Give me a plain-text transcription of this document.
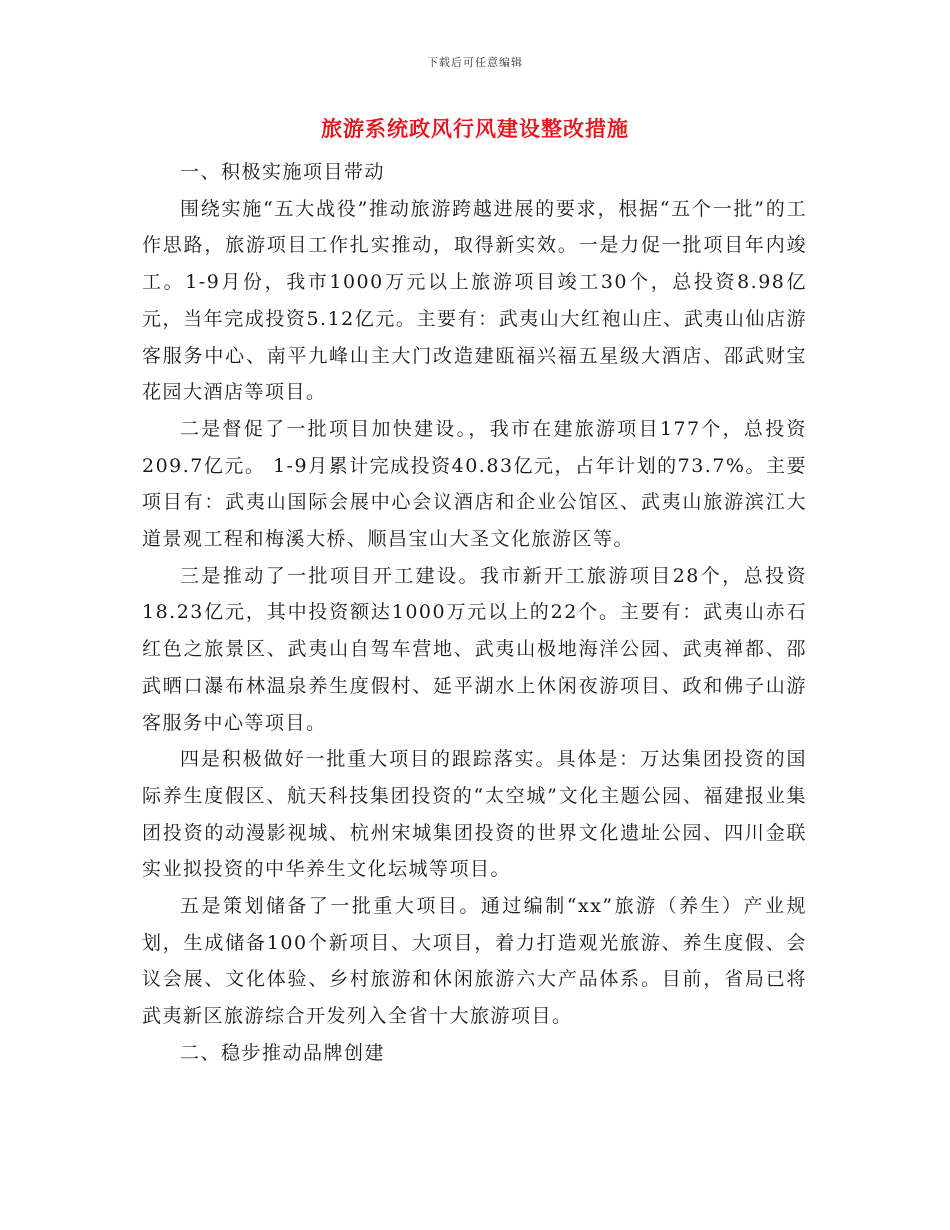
下载后可任意编辑
旅游系统政风行风建设整改措施

一、积极实施项目带动

围绕实施“五大战役”推动旅游跨越进展的要求，根据“五个一批”的工作思路，旅游项目工作扎实推动，取得新实效。一是力促一批项目年内竣工。1-9月份，我市1000万元以上旅游项目竣工30个，总投资8.98亿元，当年完成投资5.12亿元。主要有：武夷山大红袍山庄、武夷山仙店游客服务中心、南平九峰山主大门改造建瓯福兴福五星级大酒店、邵武财宝花园大酒店等项目。

二是督促了一批项目加快建设。，我市在建旅游项目177个，总投资209.7亿元。 1-9月累计完成投资40.83亿元，占年计划的73.7%。主要项目有：武夷山国际会展中心会议酒店和企业公馆区、武夷山旅游滨江大道景观工程和梅溪大桥、顺昌宝山大圣文化旅游区等。

三是推动了一批项目开工建设。我市新开工旅游项目28个，总投资18.23亿元，其中投资额达1000万元以上的22个。主要有：武夷山赤石红色之旅景区、武夷山自驾车营地、武夷山极地海洋公园、武夷禅都、邵武晒口瀑布林温泉养生度假村、延平湖水上休闲夜游项目、政和佛子山游客服务中心等项目。

四是积极做好一批重大项目的跟踪落实。具体是：万达集团投资的国际养生度假区、航天科技集团投资的“太空城”文化主题公园、福建报业集团投资的动漫影视城、杭州宋城集团投资的世界文化遗址公园、四川金联实业拟投资的中华养生文化坛城等项目。

五是策划储备了一批重大项目。通过编制“xx”旅游（养生）产业规划，生成储备100个新项目、大项目，着力打造观光旅游、养生度假、会议会展、文化体验、乡村旅游和休闲旅游六大产品体系。目前，省局已将武夷新区旅游综合开发列入全省十大旅游项目。

二、稳步推动品牌创建
